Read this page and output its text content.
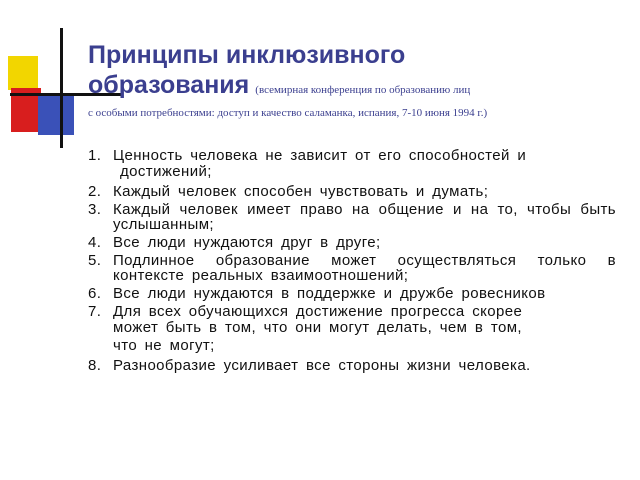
Принципы инклюзивного
образования (всемирная конференция по образованию лиц
с особыми потребностями: доступ и качество саламанка, испания, 7-10 июня 1994 г.)
1. Ценность человека не зависит от его способностей и
достижений;
2. Каждый человек способен чувствовать и думать;
3. Каждый человек имеет право на общение и на то, чтобы быть услышанным;
4. Все люди нуждаются друг в друге;
5. Подлинное образование может осуществляться только в контексте реальных взаимоотношений;
6. Все люди нуждаются в поддержке и дружбе ровесников
7. Для всех обучающихся достижение прогресса скорее
может быть в том, что они могут делать, чем в том,
что не могут;
8. Разнообразие усиливает все стороны жизни человека.
